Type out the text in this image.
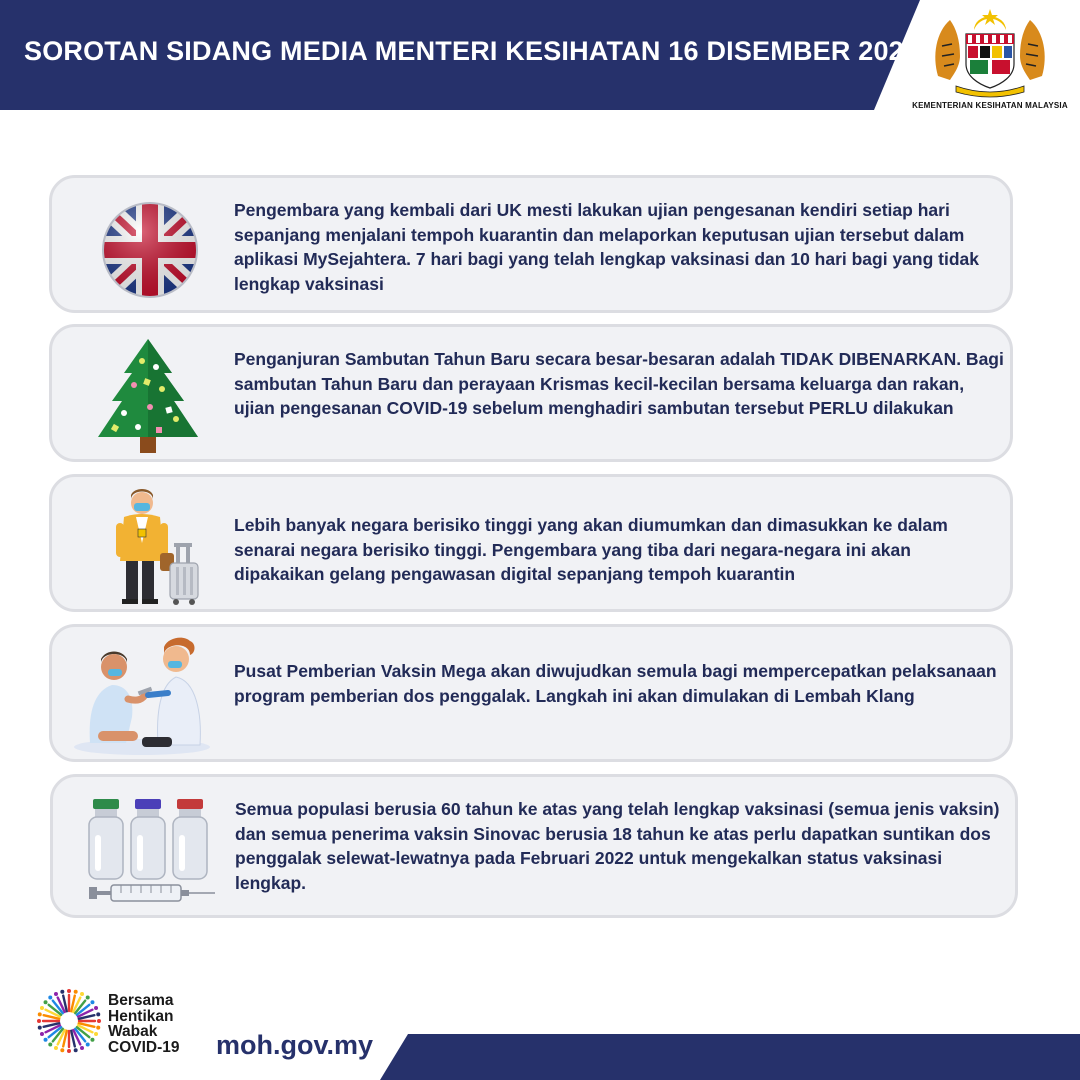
SOROTAN SIDANG MEDIA MENTERI KESIHATAN 16 DISEMBER 2021
KEMENTERIAN KESIHATAN MALAYSIA
Pengembara yang kembali dari UK mesti lakukan ujian pengesanan kendiri setiap hari sepanjang menjalani tempoh kuarantin dan melaporkan keputusan ujian tersebut dalam aplikasi MySejahtera. 7 hari bagi yang telah lengkap vaksinasi dan 10 hari bagi yang tidak lengkap vaksinasi
Penganjuran Sambutan Tahun Baru secara besar-besaran adalah TIDAK DIBENARKAN. Bagi sambutan Tahun Baru dan perayaan Krismas kecil-kecilan bersama keluarga dan rakan, ujian pengesanan COVID-19 sebelum menghadiri sambutan tersebut PERLU dilakukan
Lebih banyak negara berisiko tinggi yang akan diumumkan dan dimasukkan ke dalam senarai negara berisiko tinggi. Pengembara yang tiba dari negara-negara ini akan dipakaikan gelang pengawasan digital sepanjang tempoh kuarantin
Pusat Pemberian Vaksin Mega akan diwujudkan semula bagi mempercepatkan pelaksanaan program pemberian dos penggalak. Langkah ini akan dimulakan di Lembah Klang
Semua populasi berusia 60 tahun ke atas yang telah lengkap vaksinasi (semua jenis vaksin) dan semua penerima vaksin Sinovac berusia 18 tahun ke atas perlu dapatkan suntikan dos penggalak selewat-lewatnya pada Februari 2022 untuk mengekalkan status vaksinasi lengkap.
Bersama
Hentikan
Wabak
COVID-19 moh.gov.my
